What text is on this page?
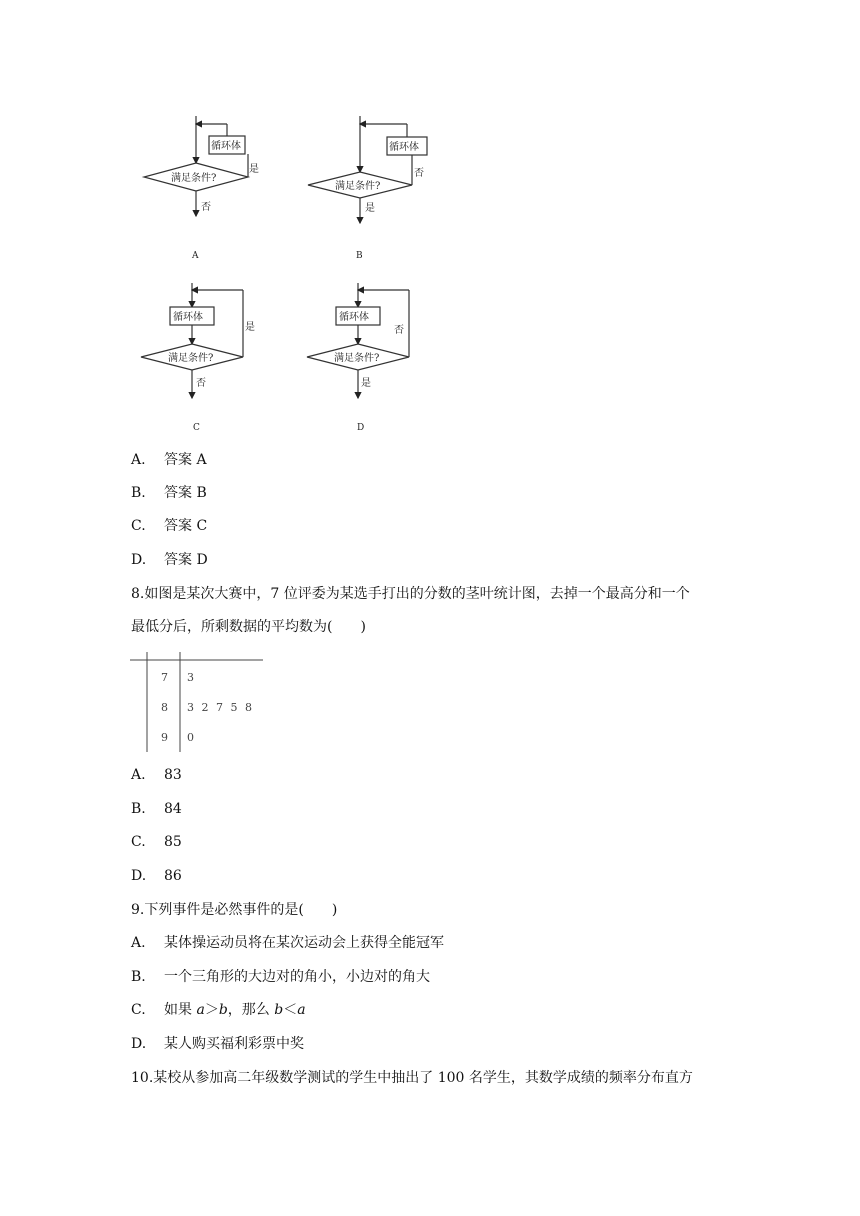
循环体
满足条件?
是
否
A
循环体
满足条件?
否
是
B
循环体
满足条件?
是
否
C
循环体
满足条件?
否
是
D
A. 答案 A
B. 答案 B
C. 答案 C
D. 答案 D
8.如图是某次大赛中，7 位评委为某选手打出的分数的茎叶统计图，去掉一个最高分和一个
最低分后，所剩数据的平均数为(　　)
7 3
8 3 2 7 5 8
9 0
A. 83
B. 84
C. 85
D. 86
9.下列事件是必然事件的是(　　)
A. 某体操运动员将在某次运动会上获得全能冠军
B. 一个三角形的大边对的角小，小边对的角大
C. 如果 a＞b，那么 b＜a
D. 某人购买福利彩票中奖
10.某校从参加高二年级数学测试的学生中抽出了 100 名学生，其数学成绩的频率分布直方
